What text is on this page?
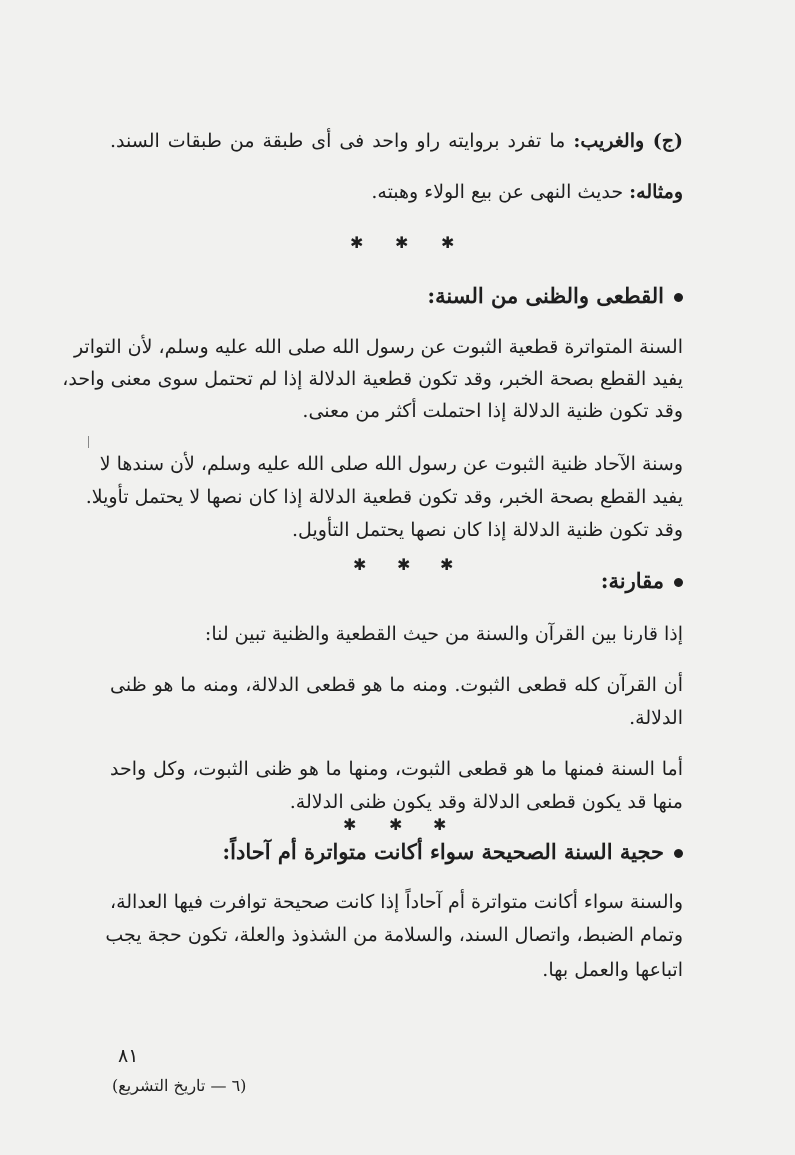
(ج) والغريب: ما تفرد بروايته راو واحد فى أى طبقة من طبقات السند.
ومثاله: حديث النهى عن بيع الولاء وهبته.
✱ ✱ ✱
القطعى والظنى من السنة:
السنة المتواترة قطعية الثبوت عن رسول الله صلى الله عليه وسلم، لأن التواتر
يفيد القطع بصحة الخبر، وقد تكون قطعية الدلالة إذا لم تحتمل سوى معنى واحد،
وقد تكون ظنية الدلالة إذا احتملت أكثر من معنى.
وسنة الآحاد ظنية الثبوت عن رسول الله صلى الله عليه وسلم، لأن سندها لا
يفيد القطع بصحة الخبر، وقد تكون قطعية الدلالة إذا كان نصها لا يحتمل تأويلا.
وقد تكون ظنية الدلالة إذا كان نصها يحتمل التأويل.
✱ ✱ ✱
مقارنة:
إذا قارنا بين القرآن والسنة من حيث القطعية والظنية تبين لنا:
أن القرآن كله قطعى الثبوت. ومنه ما هو قطعى الدلالة، ومنه ما هو ظنى
الدلالة.
أما السنة فمنها ما هو قطعى الثبوت، ومنها ما هو ظنى الثبوت، وكل واحد
منها قد يكون قطعى الدلالة وقد يكون ظنى الدلالة.
✱ ✱ ✱
حجية السنة الصحيحة سواء أكانت متواترة أم آحاداً:
والسنة سواء أكانت متواترة أم آحاداً إذا كانت صحيحة توافرت فيها العدالة،
وتمام الضبط، واتصال السند، والسلامة من الشذوذ والعلة، تكون حجة يجب
اتباعها والعمل بها.
٨١
(٦ — تاريخ التشريع)
